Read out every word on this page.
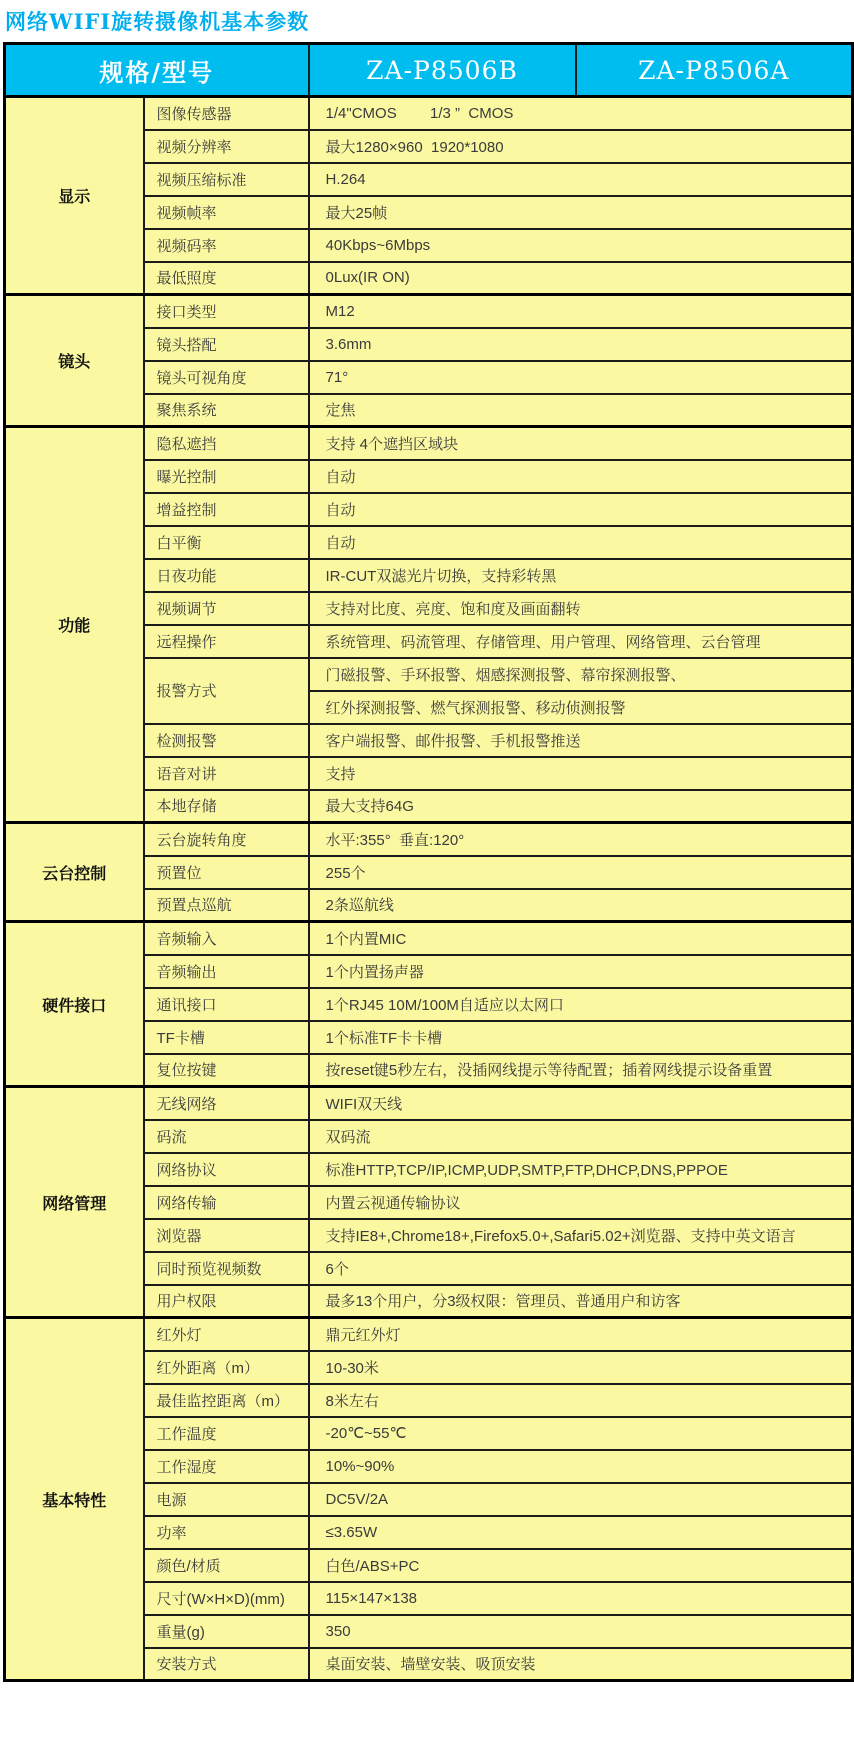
网络WIFI旋转摄像机基本参数
规格/型号		ZA-P8506B	ZA-P8506A
显示	图像传感器	1/4"CMOS        1/3 ”  CMOS	
	视频分辨率	最大1280×960  1920*1080	
	视频压缩标准	H.264	
	视频帧率	最大25帧	
	视频码率	40Kbps~6Mbps	
	最低照度	0Lux(IR ON)	
镜头	接口类型	M12	
	镜头搭配	3.6mm	
	镜头可视角度	71°	
	聚焦系统	定焦	
功能	隐私遮挡	支持 4个遮挡区域块	
	曝光控制	自动	
	增益控制	自动	
	白平衡	自动	
	日夜功能	IR-CUT双滤光片切换，支持彩转黑	
	视频调节	支持对比度、亮度、饱和度及画面翻转	
	远程操作	系统管理、码流管理、存储管理、用户管理、网络管理、云台管理	
	报警方式	门磁报警、手环报警、烟感探测报警、幕帘探测报警、	
		红外探测报警、燃气探测报警、移动侦测报警	
	检测报警	客户端报警、邮件报警、手机报警推送	
	语音对讲	支持	
	本地存储	最大支持64G	
云台控制	云台旋转角度	水平:355°  垂直:120°	
	预置位	255个	
	预置点巡航	2条巡航线	
硬件接口	音频输入	1个内置MIC	
	音频输出	1个内置扬声器	
	通讯接口	1个RJ45 10M/100M自适应以太网口	
	TF卡槽	1个标准TF卡卡槽	
	复位按键	按reset键5秒左右，没插网线提示等待配置；插着网线提示设备重置	
网络管理	无线网络	WIFI双天线	
	码流	双码流	
	网络协议	标准HTTP,TCP/IP,ICMP,UDP,SMTP,FTP,DHCP,DNS,PPPOE	
	网络传输	内置云视通传输协议	
	浏览器	支持IE8+,Chrome18+,Firefox5.0+,Safari5.02+浏览器、支持中英文语言	
	同时预览视频数	6个	
	用户权限	最多13个用户，分3级权限：管理员、普通用户和访客	
基本特性	红外灯	鼎元红外灯	
	红外距离（m）	10-30米	
	最佳监控距离（m）	8米左右	
	工作温度	-20℃~55℃	
	工作湿度	10%~90%	
	电源	DC5V/2A	
	功率	≤3.65W	
	颜色/材质	白色/ABS+PC	
	尺寸(W×H×D)(mm)	115×147×138	
	重量(g)	350	
	安装方式	桌面安装、墙壁安装、吸顶安装	
